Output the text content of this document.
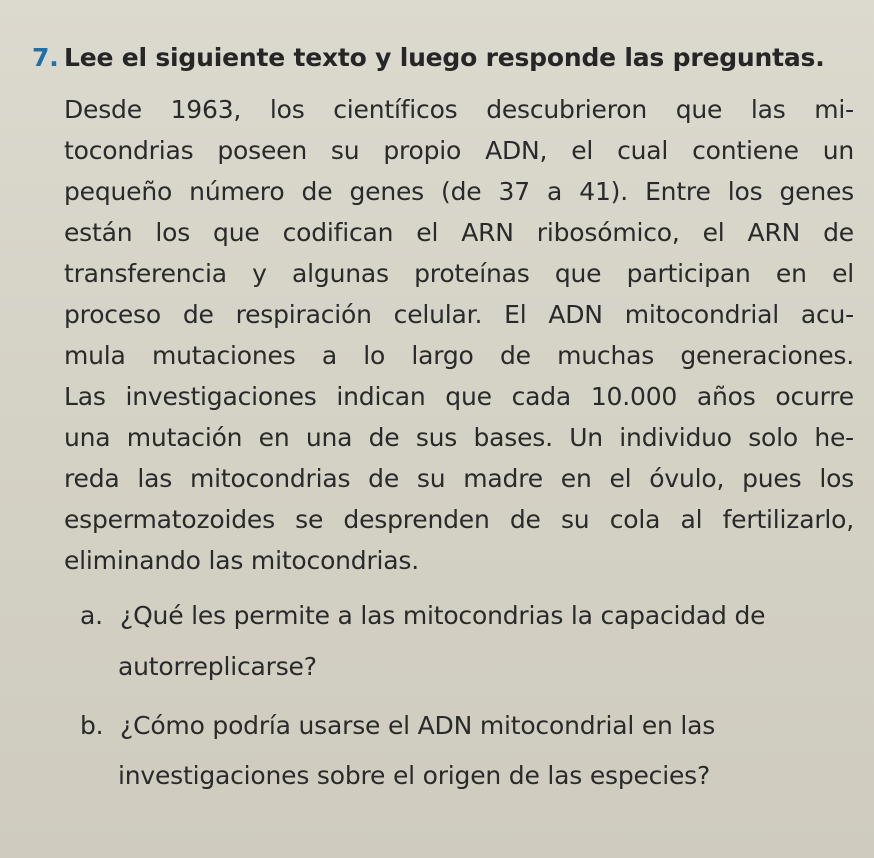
7. Lee el siguiente texto y luego responde las preguntas.
Desde 1963, los científicos descubrieron que las mi-
tocondrias poseen su propio ADN, el cual contiene un
pequeño número de genes (de 37 a 41). Entre los genes
están los que codifican el ARN ribosómico, el ARN de
transferencia y algunas proteínas que participan en el
proceso de respiración celular. El ADN mitocondrial acu-
mula mutaciones a lo largo de muchas generaciones.
Las investigaciones indican que cada 10.000 años ocurre
una mutación en una de sus bases. Un individuo solo he-
reda las mitocondrias de su madre en el óvulo, pues los
espermatozoides se desprenden de su cola al fertilizarlo,
eliminando las mitocondrias.
a. ¿Qué les permite a las mitocondrias la capacidad de
autorreplicarse?
b. ¿Cómo podría usarse el ADN mitocondrial en las
investigaciones sobre el origen de las especies?
